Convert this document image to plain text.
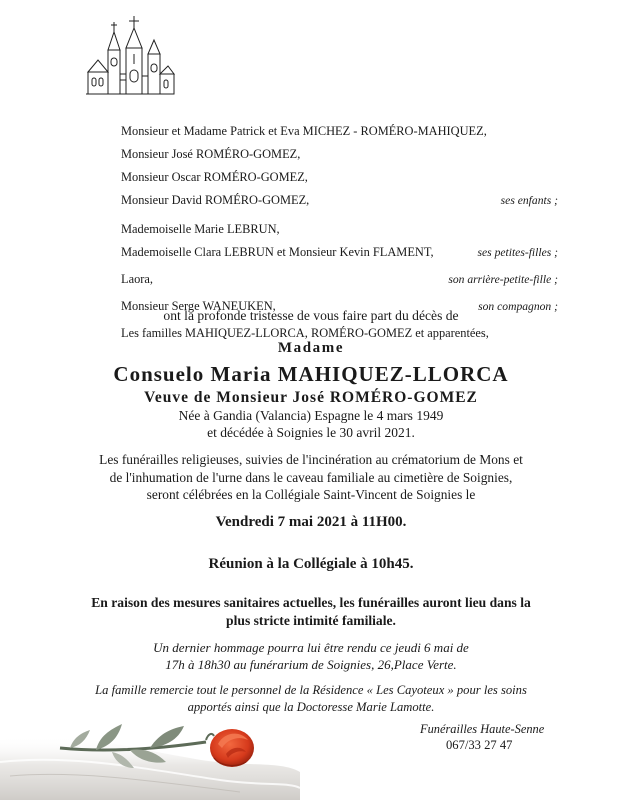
Monsieur et Madame Patrick et Eva MICHEZ - ROMÉRO-MAHIQUEZ,
Monsieur José ROMÉRO-GOMEZ,
Monsieur Oscar ROMÉRO-GOMEZ,
Monsieur David ROMÉRO-GOMEZ,	ses enfants ;
Mademoiselle Marie LEBRUN,
Mademoiselle Clara LEBRUN et Monsieur Kevin FLAMENT,	ses petites-filles ;
Laora,	son arrière-petite-fille ;
Monsieur Serge WANEUKEN,	son compagnon ;
Les familles MAHIQUEZ-LLORCA, ROMÉRO-GOMEZ et apparentées,
ont la profonde tristesse de vous faire part du décès de
Madame
Consuelo Maria MAHIQUEZ-LLORCA
Veuve de Monsieur José ROMÉRO-GOMEZ
Née à Gandia (Valancia) Espagne le 4 mars 1949
et décédée à Soignies le 30 avril 2021.
Les funérailles religieuses, suivies de l'incinération au crématorium de Mons et
de l'inhumation de l'urne dans le caveau familiale au cimetière de Soignies,
seront célébrées en la Collégiale Saint-Vincent de Soignies le
Vendredi 7 mai 2021 à 11H00.
Réunion à la Collégiale à 10h45.
En raison des mesures sanitaires actuelles, les funérailles auront lieu dans la
plus stricte intimité familiale.
Un dernier hommage pourra lui être rendu ce jeudi 6 mai de
17h à 18h30 au funérarium de Soignies, 26,Place Verte.
La famille remercie tout le personnel de la Résidence « Les Cayoteux » pour les soins
apportés ainsi que la Doctoresse Marie Lamotte.
Funérailles Haute-Senne
067/33 27 47
